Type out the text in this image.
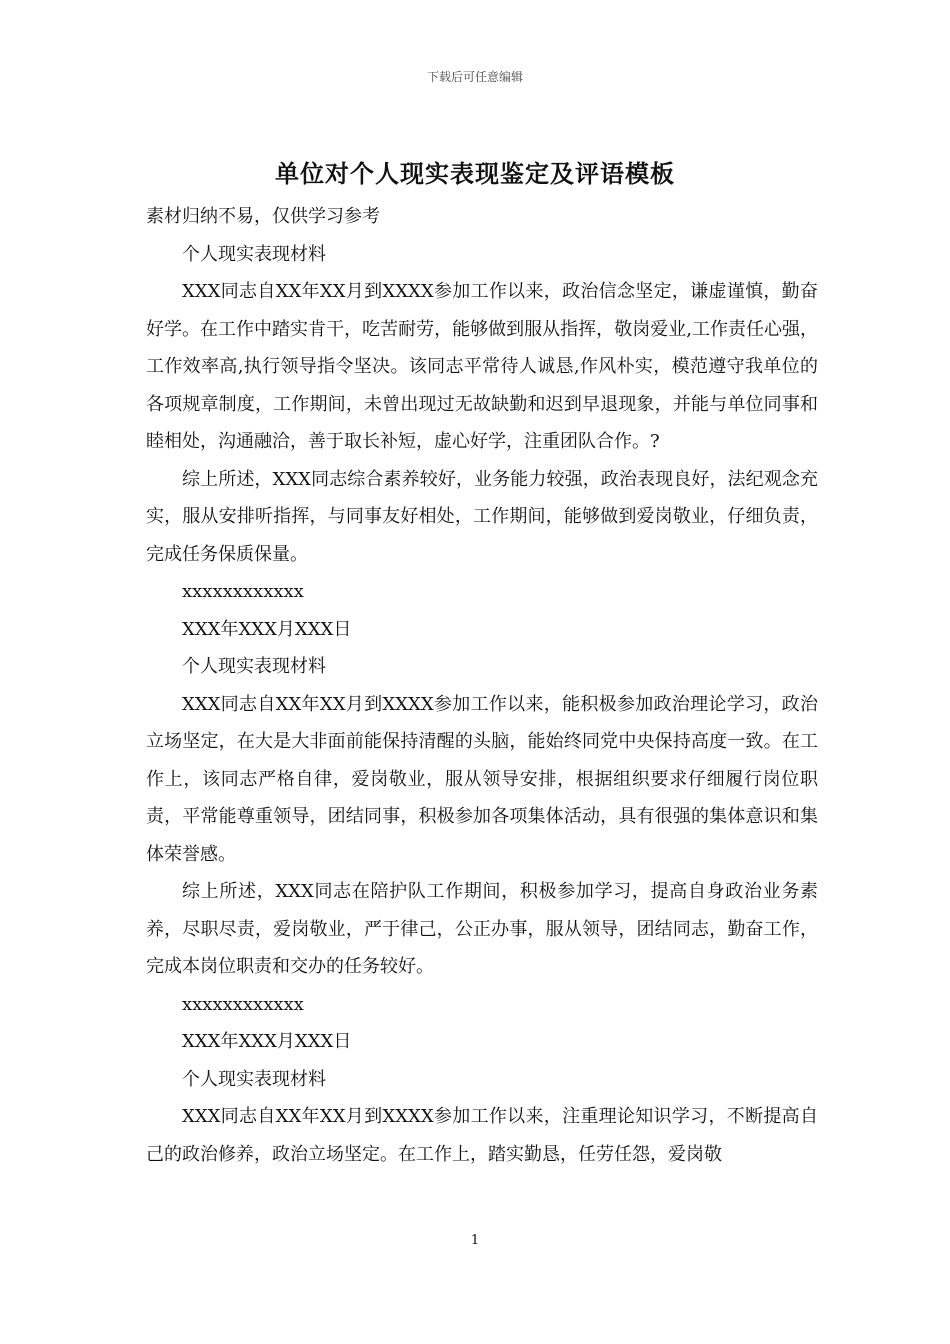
下载后可任意编辑
单位对个人现实表现鉴定及评语模板

素材归纳不易，仅供学习参考

个人现实表现材料

XXX同志自XX年XX月到XXXX参加工作以来，政治信念坚定，谦虚谨慎，勤奋好学。在工作中踏实肯干，吃苦耐劳，能够做到服从指挥，敬岗爱业,工作责任心强，工作效率高,执行领导指令坚决。该同志平常待人诚恳,作风朴实，模范遵守我单位的各项规章制度，工作期间，未曾出现过无故缺勤和迟到早退现象，并能与单位同事和睦相处，沟通融洽，善于取长补短，虚心好学，注重团队合作。?

综上所述，XXX同志综合素养较好，业务能力较强，政治表现良好，法纪观念充实，服从安排听指挥，与同事友好相处，工作期间，能够做到爱岗敬业，仔细负责，完成任务保质保量。

xxxxxxxxxxxx

XXX年XXX月XXX日

个人现实表现材料

XXX同志自XX年XX月到XXXX参加工作以来，能积极参加政治理论学习，政治立场坚定，在大是大非面前能保持清醒的头脑，能始终同党中央保持高度一致。在工作上，该同志严格自律，爱岗敬业，服从领导安排，根据组织要求仔细履行岗位职责，平常能尊重领导，团结同事，积极参加各项集体活动，具有很强的集体意识和集体荣誉感。

综上所述，XXX同志在陪护队工作期间，积极参加学习，提高自身政治业务素养，尽职尽责，爱岗敬业，严于律己，公正办事，服从领导，团结同志，勤奋工作，完成本岗位职责和交办的任务较好。

xxxxxxxxxxxx

XXX年XXX月XXX日

个人现实表现材料

XXX同志自XX年XX月到XXXX参加工作以来，注重理论知识学习，不断提高自己的政治修养，政治立场坚定。在工作上，踏实勤恳，任劳任怨，爱岗敬

1
